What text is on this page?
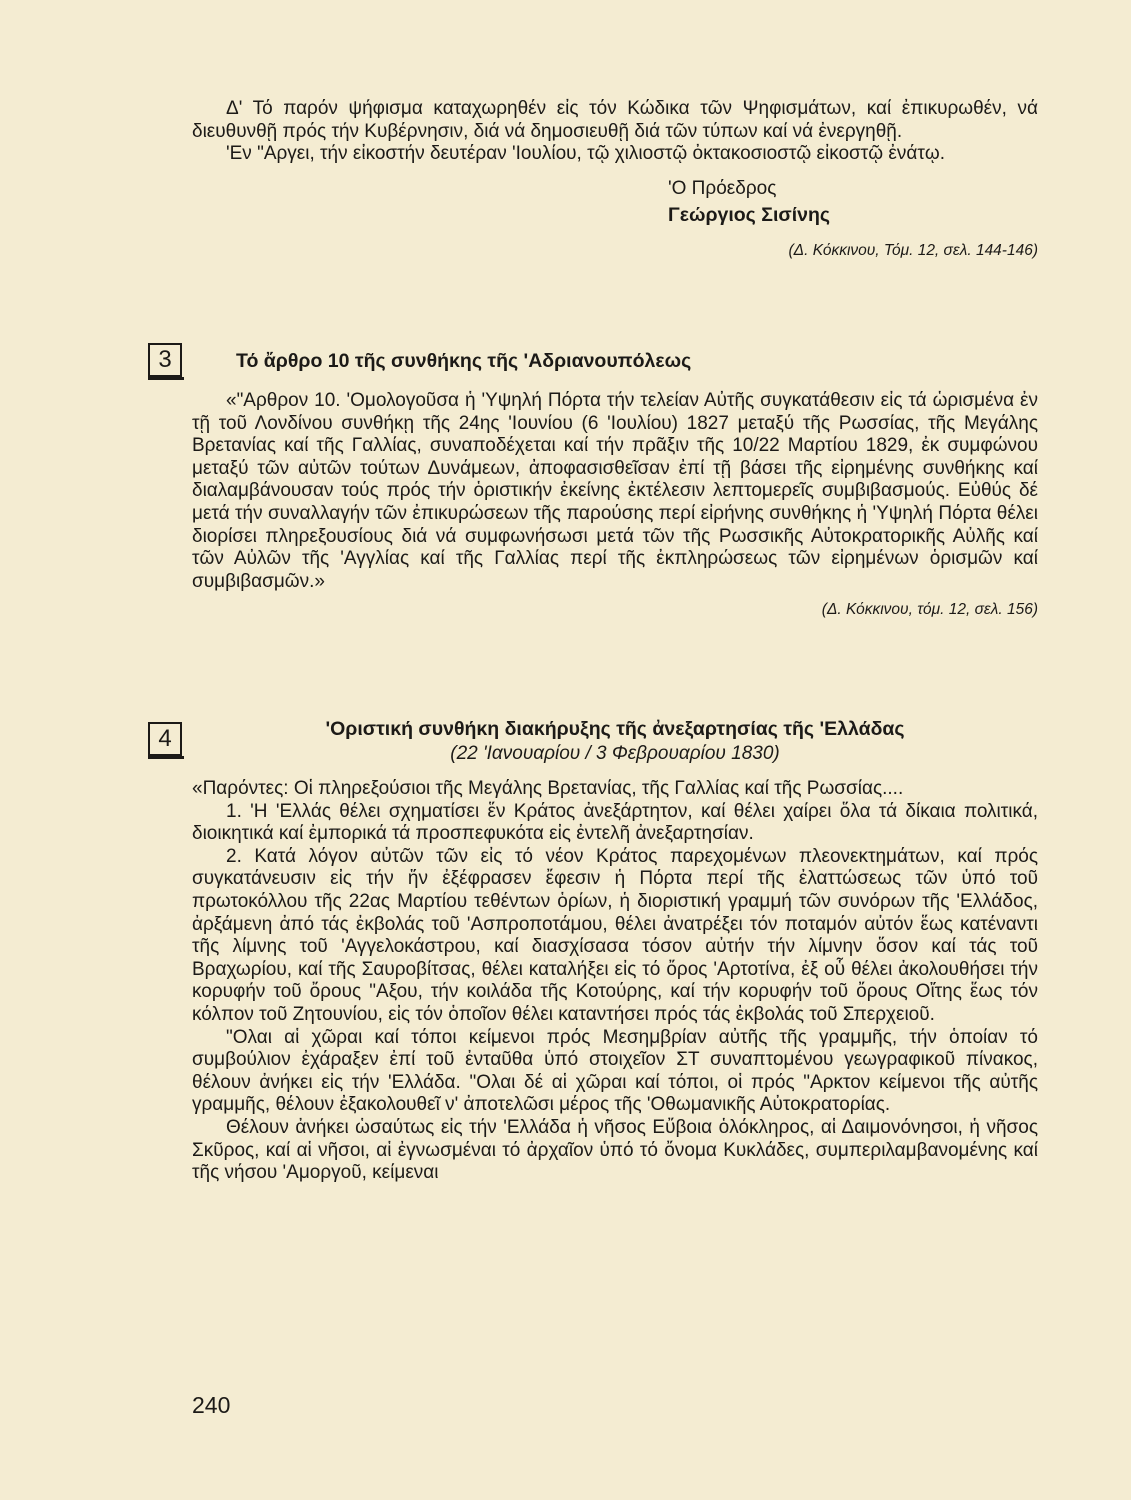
Δ' Τό παρόν ψήφισμα καταχωρηθέν εἰς τόν Κώδικα τῶν Ψηφισμάτων, καί ἐπικυρωθέν, νά διευθυνθῇ πρός τήν Κυβέρνησιν, διά νά δημοσιευθῇ διά τῶν τύπων καί νά ἐνεργηθῇ.

'Εν "Αργει, τήν εἰκοστήν δευτέραν 'Ιουλίου, τῷ χιλιοστῷ ὀκτακοσιοστῷ εἰκοστῷ ἐνάτῳ.

'Ο Πρόεδρος

Γεώργιος Σισίνης

(Δ. Κόκκινου, Τόμ. 12, σελ. 144-146)

3	Τό ἄρθρο 10 τῆς συνθήκης τῆς 'Αδριανουπόλεως

«"Αρθρον 10. 'Ομολογοῦσα ἡ 'Υψηλή Πόρτα τήν τελείαν Αὐτῆς συγκατάθεσιν εἰς τά ὡρισμένα ἐν τῇ τοῦ Λονδίνου συνθήκῃ τῆς 24ης 'Ιουνίου (6 'Ιουλίου) 1827 μεταξύ τῆς Ρωσσίας, τῆς Μεγάλης Βρετανίας καί τῆς Γαλλίας, συναποδέχεται καί τήν πρᾶξιν τῆς 10/22 Μαρτίου 1829, ἐκ συμφώνου μεταξύ τῶν αὐτῶν τούτων Δυνάμεων, ἀποφασισθεῖσαν ἐπί τῇ βάσει τῆς εἰρημένης συνθήκης καί διαλαμβάνουσαν τούς πρός τήν ὁριστικήν ἐκείνης ἐκτέλεσιν λεπτομερεῖς συμβιβασμούς. Εὐθύς δέ μετά τήν συναλλαγήν τῶν ἐπικυρώσεων τῆς παρούσης περί εἰρήνης συνθήκης ἡ 'Υψηλή Πόρτα θέλει διορίσει πληρεξουσίους διά νά συμφωνήσωσι μετά τῶν τῆς Ρωσσικῆς Αὐτοκρατορικῆς Αὐλῆς καί τῶν Αὐλῶν τῆς 'Αγγλίας καί τῆς Γαλλίας περί τῆς ἐκπληρώσεως τῶν εἰρημένων ὁρισμῶν καί συμβιβασμῶν.»

(Δ. Κόκκινου, τόμ. 12, σελ. 156)

4	'Οριστική συνθήκη διακήρυξης τῆς ἀνεξαρτησίας τῆς 'Ελλάδας

(22 'Ιανουαρίου / 3 Φεβρουαρίου 1830)

«Παρόντες: Οἱ πληρεξούσιοι τῆς Μεγάλης Βρετανίας, τῆς Γαλλίας καί τῆς Ρωσσίας....

1. 'Η 'Ελλάς θέλει σχηματίσει ἕν Κράτος ἀνεξάρτητον, καί θέλει χαίρει ὅλα τά δίκαια πολιτικά, διοικητικά καί ἐμπορικά τά προσπεφυκότα εἰς ἐντελῆ ἀνεξαρτησίαν.

2. Κατά λόγον αὐτῶν τῶν εἰς τό νέον Κράτος παρεχομένων πλεονεκτημάτων, καί πρός συγκατάνευσιν εἰς τήν ἥν ἐξέφρασεν ἔφεσιν ἡ Πόρτα περί τῆς ἐλαττώσεως τῶν ὑπό τοῦ πρωτοκόλλου τῆς 22ας Μαρτίου τεθέντων ὁρίων, ἡ διοριστική γραμμή τῶν συνόρων τῆς 'Ελλάδος, ἀρξάμενη ἀπό τάς ἐκβολάς τοῦ 'Ασπροποτάμου, θέλει ἀνατρέξει τόν ποταμόν αὐτόν ἕως κατέναντι τῆς λίμνης τοῦ 'Αγγελοκάστρου, καί διασχίσασα τόσον αὐτήν τήν λίμνην ὅσον καί τάς τοῦ Βραχωρίου, καί τῆς Σαυροβίτσας, θέλει καταλήξει εἰς τό ὄρος 'Αρτοτίνα, ἐξ οὗ θέλει ἀκολουθήσει τήν κορυφήν τοῦ ὄρους "Αξου, τήν κοιλάδα τῆς Κοτούρης, καί τήν κορυφήν τοῦ ὄρους Οἴτης ἕως τόν κόλπον τοῦ Ζητουνίου, εἰς τόν ὁποῖον θέλει καταντήσει πρός τάς ἐκβολάς τοῦ Σπερχειοῦ.

"Ολαι αἱ χῶραι καί τόποι κείμενοι πρός Μεσημβρίαν αὐτῆς τῆς γραμμῆς, τήν ὁποίαν τό συμβούλιον ἐχάραξεν ἐπί τοῦ ἐνταῦθα ὑπό στοιχεῖον ΣΤ συναπτομένου γεωγραφικοῦ πίνακος, θέλουν ἀνήκει εἰς τήν 'Ελλάδα. "Ολαι δέ αἱ χῶραι καί τόποι, οἱ πρός "Αρκτον κείμενοι τῆς αὐτῆς γραμμῆς, θέλουν ἐξακολουθεῖ ν' ἀποτελῶσι μέρος τῆς 'Οθωμανικῆς Αὐτοκρατορίας.

Θέλουν ἀνήκει ὡσαύτως εἰς τήν 'Ελλάδα ἡ νῆσος Εὔβοια ὁλόκληρος, αἱ Δαιμονόνησοι, ἡ νῆσος Σκῦρος, καί αἱ νῆσοι, αἱ ἐγνωσμέναι τό ἀρχαῖον ὑπό τό ὄνομα Κυκλάδες, συμπεριλαμβανομένης καί τῆς νήσου 'Αμοργοῦ, κείμεναι

240
